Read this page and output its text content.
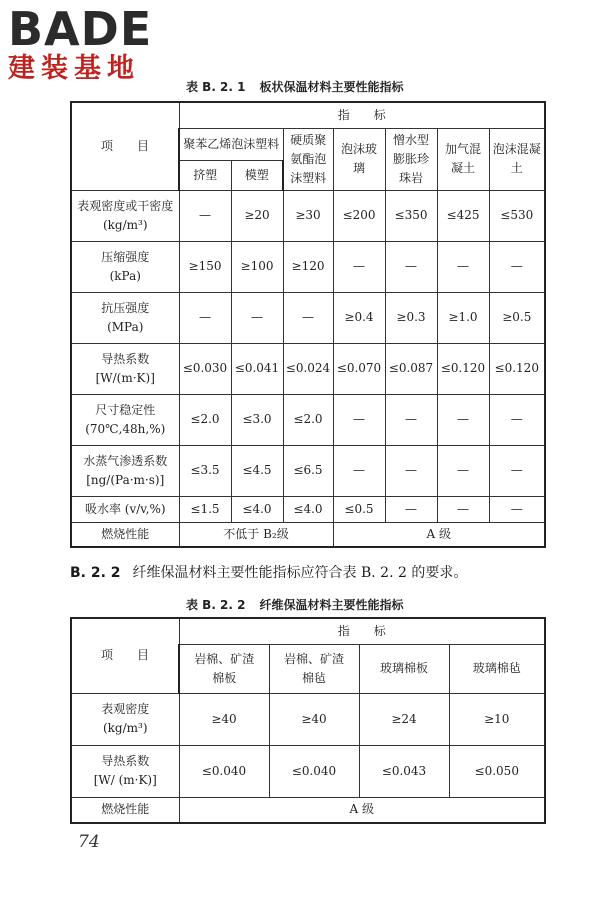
BADE
建装基地
表 B. 2. 1 板状保温材料主要性能指标
项　　目	指　　标						
	聚苯乙烯泡沫塑料		硬质聚氨酯泡沫塑料	泡沫玻璃	憎水型膨胀珍珠岩	加气混凝土	泡沫混凝土
	挤塑	模塑					
表观密度或干密度
(kg/m³)	—	≥20	≥30	≤200	≤350	≤425	≤530
压缩强度
(kPa)	≥150	≥100	≥120	—	—	—	—
抗压强度
(MPa)	—	—	—	≥0.4	≥0.3	≥1.0	≥0.5
导热系数
[W/(m·K)]	≤0.030	≤0.041	≤0.024	≤0.070	≤0.087	≤0.120	≤0.120
尺寸稳定性
(70℃,48h,%)	≤2.0	≤3.0	≤2.0	—	—	—	—
水蒸气渗透系数
[ng/(Pa·m·s)]	≤3.5	≤4.5	≤6.5	—	—	—	—
吸水率 (v/v,%)	≤1.5	≤4.0	≤4.0	≤0.5	—	—	—
燃烧性能	不低于 B₂级			A 级			
B. 2. 2 纤维保温材料主要性能指标应符合表 B. 2. 2 的要求。
表 B. 2. 2 纤维保温材料主要性能指标
项　　目	指　　标			
	岩棉、矿渣棉板	岩棉、矿渣棉毡	玻璃棉板	玻璃棉毡
表观密度
(kg/m³)	≥40	≥40	≥24	≥10
导热系数
[W/ (m·K)]	≤0.040	≤0.040	≤0.043	≤0.050
燃烧性能	A 级			
74
